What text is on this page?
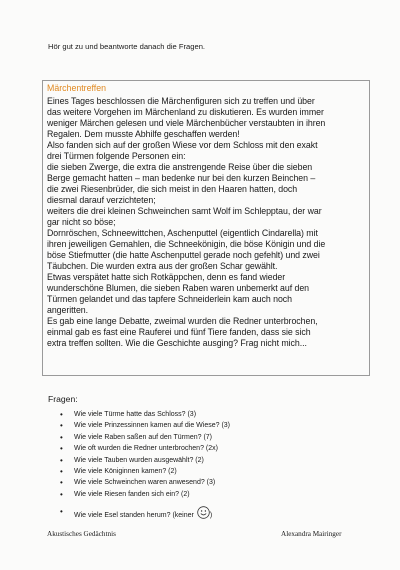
Hör gut zu und beantworte danach die Fragen.
Märchentreffen
Eines Tages beschlossen die Märchenfiguren sich zu treffen und über
das weitere Vorgehen im Märchenland zu diskutieren. Es wurden immer
weniger Märchen gelesen und viele Märchenbücher verstaubten in ihren
Regalen. Dem musste Abhilfe geschaffen werden!
Also fanden sich auf der großen Wiese vor dem Schloss mit den exakt
drei Türmen folgende Personen ein:
die sieben Zwerge, die extra die anstrengende Reise über die sieben
Berge gemacht hatten – man bedenke nur bei den kurzen Beinchen –
die zwei Riesenbrüder, die sich meist in den Haaren hatten, doch
diesmal darauf verzichteten;
weiters die drei kleinen Schweinchen samt Wolf im Schlepptau, der war
gar nicht so böse;
Dornröschen, Schneewittchen, Aschenputtel (eigentlich Cindarella) mit
ihren jeweiligen Gemahlen, die Schneekönigin, die böse Königin und die
böse Stiefmutter (die hatte Aschenputtel gerade noch gefehlt) und zwei
Täubchen. Die wurden extra aus der großen Schar gewählt.
Etwas verspätet hatte sich Rotkäppchen, denn es fand wieder
wunderschöne Blumen, die sieben Raben waren unbemerkt auf den
Türmen gelandet und das tapfere Schneiderlein kam auch noch
angeritten.
Es gab eine lange Debatte, zweimal wurden die Redner unterbrochen,
einmal gab es fast eine Rauferei und fünf Tiere fanden, dass sie sich
extra treffen sollten. Wie die Geschichte ausging? Frag nicht mich...
Fragen:
• Wie viele Türme hatte das Schloss? (3)
• Wie viele Prinzessinnen kamen auf die Wiese? (3)
• Wie viele Raben saßen auf den Türmen? (7)
• Wie oft wurden die Redner unterbrochen? (2x)
• Wie viele Tauben wurden ausgewählt? (2)
• Wie viele Königinnen kamen? (2)
• Wie viele Schweinchen waren anwesend? (3)
• Wie viele Riesen fanden sich ein? (2)
• Wie viele Esel standen herum? (keiner )
Akustisches Gedächtnis	Alexandra Mairinger
